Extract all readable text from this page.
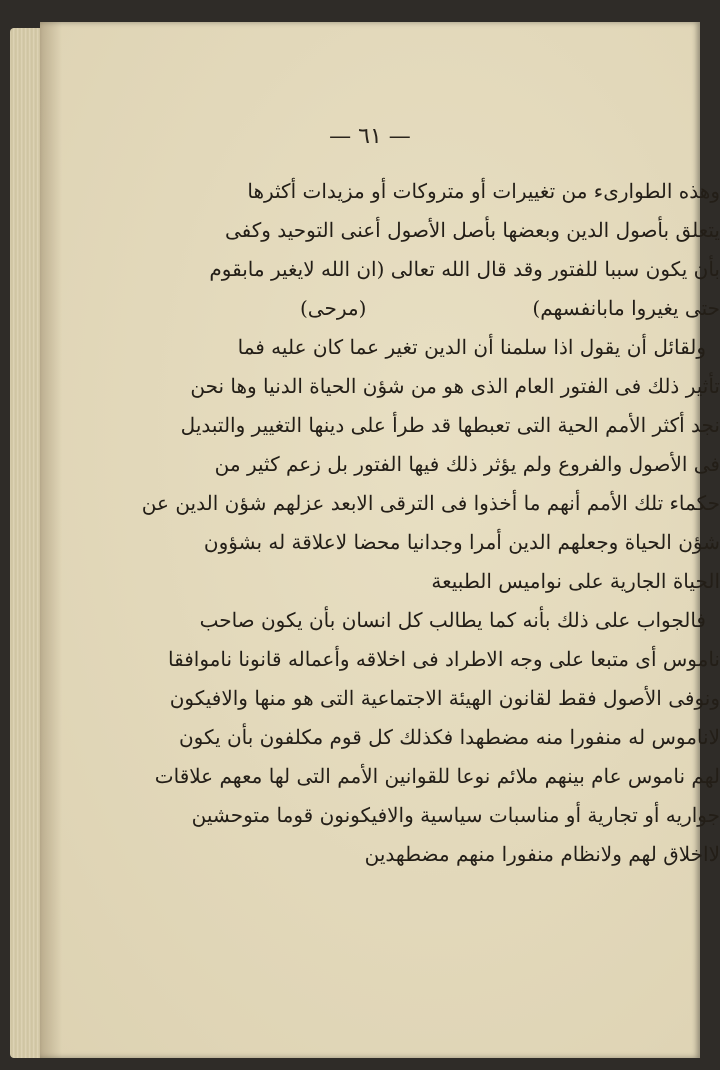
— ٦١ —
وهذه الطوارىء من تغييرات أو متروكات أو مزيدات أكثرها
يتعلق بأصول الدين وبعضها بأصل الأصول أعنى التوحيد وكفى
بأن يكون سببا للفتور وقد قال الله تعالى (ان الله لايغير مابقوم
حتى يغيروا مابانفسهم)
(مرحى)
ولقائل أن يقول اذا سلمنا أن الدين تغير عما كان عليه فما
تأثير ذلك فى الفتور العام الذى هو من شؤن الحياة الدنيا وها نحن
نجد أكثر الأمم الحية التى تعبطها قد طرأ على دينها التغيير والتبديل
فى الأصول والفروع ولم يؤثر ذلك فيها الفتور بل زعم كثير من
حكماء تلك الأمم أنهم ما أخذوا فى الترقى الابعد عزلهم شؤن الدين عن
شؤن الحياة وجعلهم الدين أمرا وجدانيا محضا لاعلاقة له بشؤون
الحياة الجارية على نواميس الطبيعة
فالجواب على ذلك بأنه كما يطالب كل انسان بأن يكون صاحب
ناموس أى متبعا على وجه الاطراد فى اخلاقه وأعماله قانونا ناموافقا
ونوفى الأصول فقط لقانون الهيئة الاجتماعية التى هو منها والافيكون
لاناموس له منفورا منه مضطهدا فكذلك كل قوم مكلفون بأن يكون
لهم ناموس عام بينهم ملائم نوعا للقوانين الأمم التى لها معهم علاقات
جواريه أو تجارية أو مناسبات سياسية والافيكونون قوما متوحشين
لااخلاق لهم ولانظام منفورا منهم مضطهدين
